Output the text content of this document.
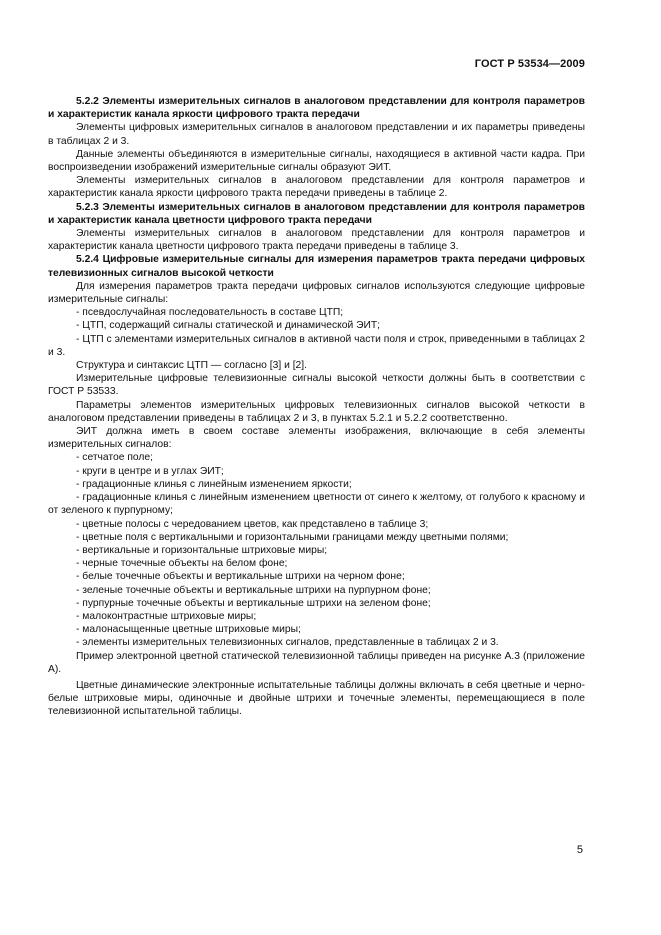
ГОСТ Р 53534—2009

5.2.2 Элементы измерительных сигналов в аналоговом представлении для контроля параметров и характеристик канала яркости цифрового тракта передачи

Элементы цифровых измерительных сигналов в аналоговом представлении и их параметры приведены в таблицах 2 и 3.

Данные элементы объединяются в измерительные сигналы, находящиеся в активной части кадра. При воспроизведении изображений измерительные сигналы образуют ЭИТ.

Элементы измерительных сигналов в аналоговом представлении для контроля параметров и характеристик канала яркости цифрового тракта передачи приведены в таблице 2.

5.2.3 Элементы измерительных сигналов в аналоговом представлении для контроля параметров и характеристик канала цветности цифрового тракта передачи

Элементы измерительных сигналов в аналоговом представлении для контроля параметров и характеристик канала цветности цифрового тракта передачи приведены в таблице 3.

5.2.4 Цифровые измерительные сигналы для измерения параметров тракта передачи цифровых телевизионных сигналов высокой четкости

Для измерения параметров тракта передачи цифровых сигналов используются следующие цифровые измерительные сигналы:

- псевдослучайная последовательность в составе ЦТП;

- ЦТП, содержащий сигналы статической и динамической ЭИТ;

- ЦТП с элементами измерительных сигналов в активной части поля и строк, приведенными в таблицах 2 и 3.

Структура и синтаксис ЦТП — согласно [3] и [2].

Измерительные цифровые телевизионные сигналы высокой четкости должны быть в соответствии с ГОСТ Р 53533.

Параметры элементов измерительных цифровых телевизионных сигналов высокой четкости в аналоговом представлении приведены в таблицах 2 и 3, в пунктах 5.2.1 и 5.2.2 соответственно.

ЭИТ должна иметь в своем составе элементы изображения, включающие в себя элементы измерительных сигналов:

- сетчатое поле;

- круги в центре и в углах ЭИТ;

- градационные клинья с линейным изменением яркости;

- градационные клинья с линейным изменением цветности от синего к желтому, от голубого к красному и от зеленого к пурпурному;

- цветные полосы с чередованием цветов, как представлено в таблице 3;

- цветные поля с вертикальными и горизонтальными границами между цветными полями;

- вертикальные и горизонтальные штриховые миры;

- черные точечные объекты на белом фоне;

- белые точечные объекты и вертикальные штрихи на черном фоне;

- зеленые точечные объекты и вертикальные штрихи на пурпурном фоне;

- пурпурные точечные объекты и вертикальные штрихи на зеленом фоне;

- малоконтрастные штриховые миры;

- малонасыщенные цветные штриховые миры;

- элементы измерительных телевизионных сигналов, представленные в таблицах 2 и 3.

Пример электронной цветной статической телевизионной таблицы приведен на рисунке А.3 (приложение А).

Цветные динамические электронные испытательные таблицы должны включать в себя цветные и черно-белые штриховые миры, одиночные и двойные штрихи и точечные элементы, перемещающиеся в поле телевизионной испытательной таблицы.

5
